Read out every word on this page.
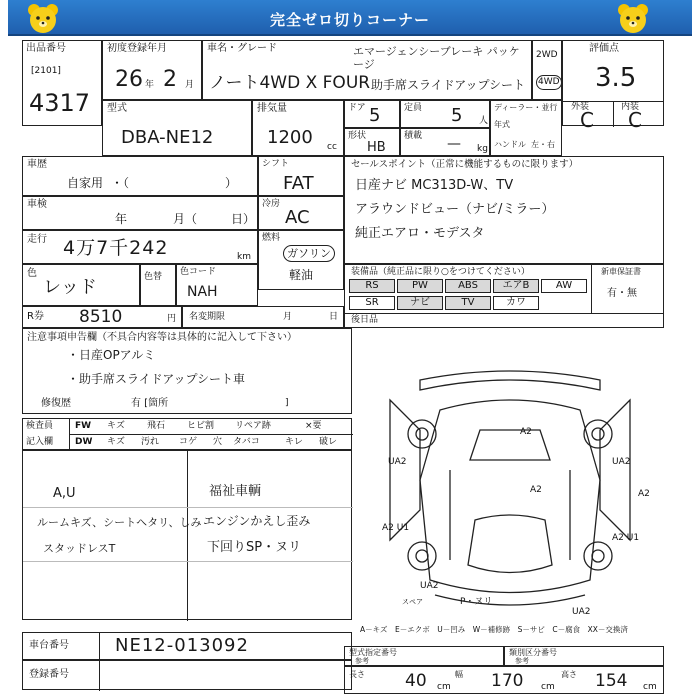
完全ゼロ切りコーナー
出品番号
[2101]
4317
初度登録年月
26 年 2 月
車名・グレード	エマージェンシーブレーキ パッケージ
ノート4WD X FOUR 助手席スライドアップシート
2WD
4WD
評価点
3.5
外装	内装
C C
型式
DBA-NE12
排気量
1200 cc
ドア 5	定員 5 人
ディーラー・並行
年式
ハンドル 左・右
形状
HB
積載 — kg
車歴
自家用 ・（　　　　　　　　）
シフト
FAT
車検
年	月（	日）
冷房
AC
走行 4万7千242	km
燃料
ガソリン
軽油
色
レッド	色替 色コード
NAH
R券 8510	円 名変期限	月	日
セールスポイント（正常に機能するものに限ります）
日産ナビ MC313D-W、TV
アラウンドビュー（ナビ/ミラー）
純正エアロ・モデスタ
装備品（純正品に限り○をつけてください）	新車保証書
有・無
RS	PW	ABS	エアB	AW
SR	ナビ	TV	カワ
後日品
注意事項申告欄（不具合内容等は具体的に記入して下さい）
・日産OPアルミ
・助手席スライドアップシート車
修復歴	有 [箇所	　　　　　　　　]
検査員
記入欄
FW キズ 飛石 ヒビ割 リペア跡	×要
DW キズ 汚れ コゲ 穴 タバコ	キレ 破レ
A,U
ルームキズ、シートヘタリ、しみ
スタッドレスT
福祉車輌
エンジンかえし歪み
下回りSP・ヌリ
A2
UA2
A2
UA2
A2
A2 U1
A2 U1
UA2
P・ヌリ
UA2
スペア
A－キズ　E－エクボ　U－凹み　W－補修跡　S－サビ　C－腐食　XX－交換済
車台番号	NE12-013092
登録番号
型式指定番号
参考
類別区分番号
参考
長さ 40 cm
幅 170 cm
高さ 154 cm
